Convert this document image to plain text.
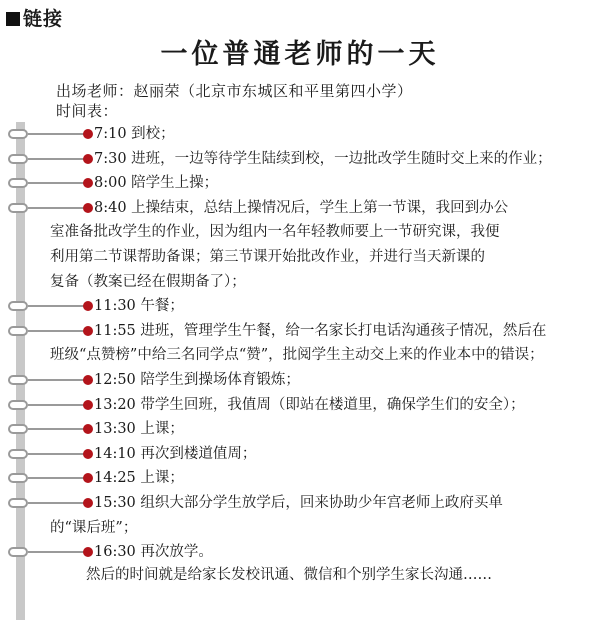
链接
一位普通老师的一天
出场老师：赵丽荣（北京市东城区和平里第四小学）
时间表：
7:10 到校；
7:30 进班，一边等待学生陆续到校，一边批改学生随时交上来的作业；
8:00 陪学生上操；
8:40 上操结束，总结上操情况后，学生上第一节课，我回到办公
室准备批改学生的作业，因为组内一名年轻教师要上一节研究课，我便
利用第二节课帮助备课；第三节课开始批改作业，并进行当天新课的
复备（教案已经在假期备了）；
11:30 午餐；
11:55 进班，管理学生午餐，给一名家长打电话沟通孩子情况，然后在
班级“点赞榜”中给三名同学点“赞”，批阅学生主动交上来的作业本中的错误；
12:50 陪学生到操场体育锻炼；
13:20 带学生回班，我值周（即站在楼道里，确保学生们的安全）；
13:30 上课；
14:10 再次到楼道值周；
14:25 上课；
15:30 组织大部分学生放学后，回来协助少年宫老师上政府买单
的“课后班”；
16:30 再次放学。
然后的时间就是给家长发校讯通、微信和个别学生家长沟通……
